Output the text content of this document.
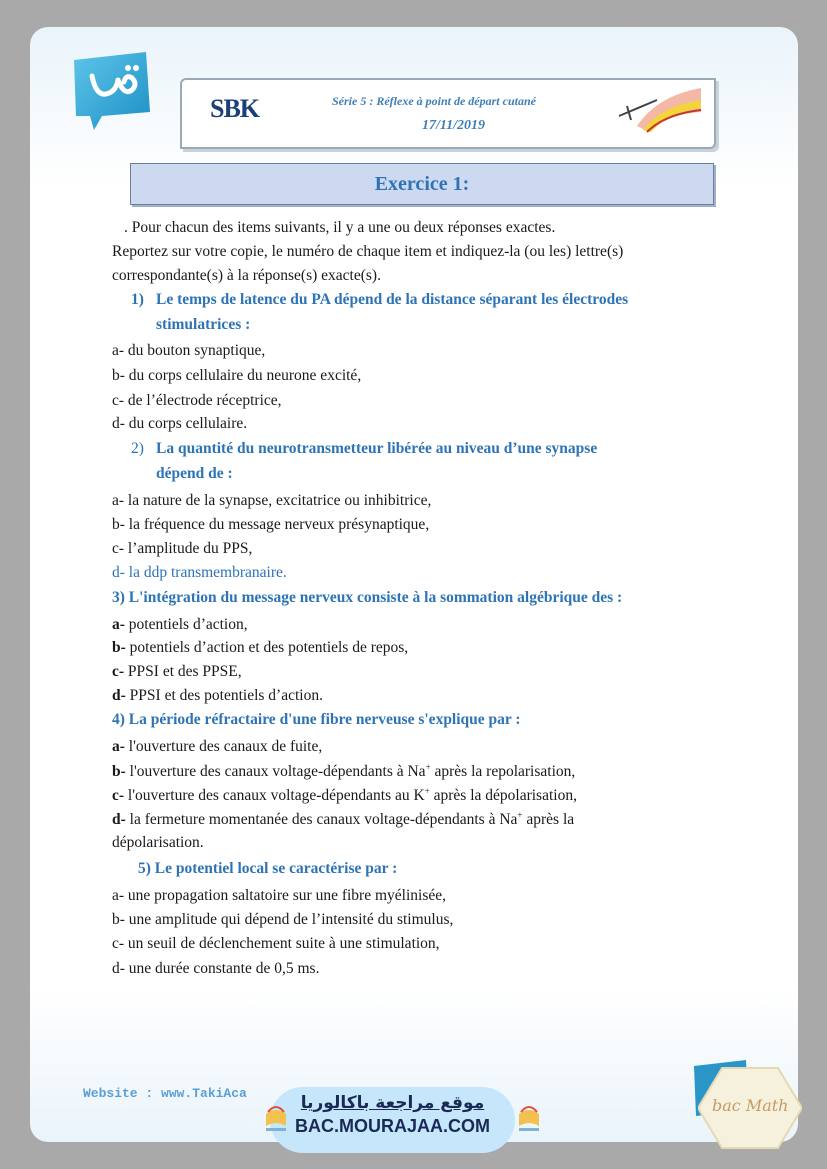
SBK	Série 5 : Réflexe à point de départ cutané
17/11/2019
Exercice 1:
. Pour chacun des items suivants, il y a une ou deux réponses exactes.
Reportez sur votre copie, le numéro de chaque item et indiquez-la (ou les) lettre(s)
correspondante(s) à la réponse(s) exacte(s).
1) Le temps de latence du PA dépend de la distance séparant les électrodes
stimulatrices :
a- du bouton synaptique,
b- du corps cellulaire du neurone excité,
c- de l’électrode réceptrice,
d- du corps cellulaire.
2) La quantité du neurotransmetteur libérée au niveau d’une synapse
dépend de :
a- la nature de la synapse, excitatrice ou inhibitrice,
b- la fréquence du message nerveux présynaptique,
c- l’amplitude du PPS,
d- la ddp transmembranaire.
3) L'intégration du message nerveux consiste à la sommation algébrique des :
a- potentiels d’action,
b- potentiels d’action et des potentiels de repos,
c- PPSI et des PPSE,
d- PPSI et des potentiels d’action.
4) La période réfractaire d'une fibre nerveuse s'explique par :
a- l'ouverture des canaux de fuite,
b- l'ouverture des canaux voltage-dépendants à Na+ après la repolarisation,
c- l'ouverture des canaux voltage-dépendants au K+ après la dépolarisation,
d- la fermeture momentanée des canaux voltage-dépendants à Na+ après la
dépolarisation.
5) Le potentiel local se caractérise par :
a- une propagation saltatoire sur une fibre myélinisée,
b- une amplitude qui dépend de l’intensité du stimulus,
c- un seuil de déclenchement suite à une stimulation,
d- une durée constante de 0,5 ms.
Website : www.TakiAca	موقع مراجعة باكالوريا
BAC.MOURAJAA.COM
bac Math
